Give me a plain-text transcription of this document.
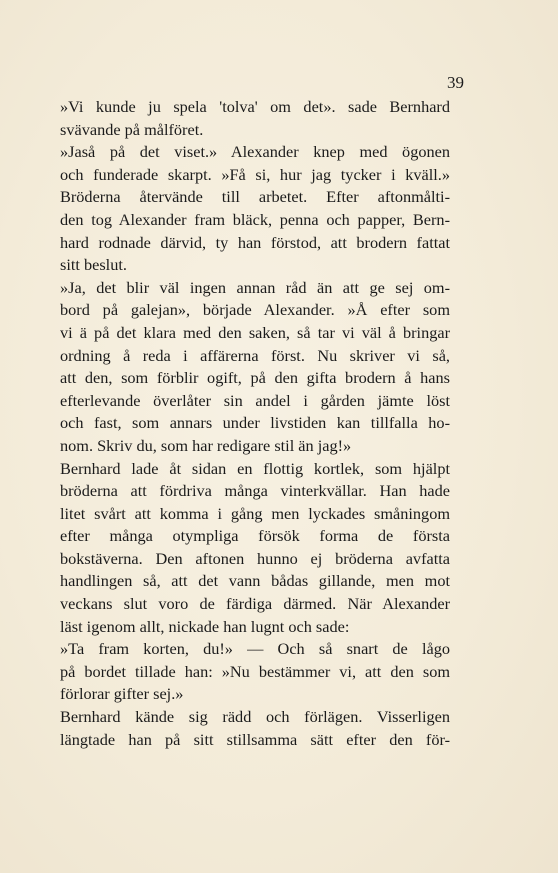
39
»Vi kunde ju spela 'tolva' om det». sade Bernhard
svävande på målföret.
»Jaså på det viset.» Alexander knep med ögonen
och funderade skarpt. »Få si, hur jag tycker i kväll.»
Bröderna återvände till arbetet. Efter aftonmålti-
den tog Alexander fram bläck, penna och papper, Bern-
hard rodnade därvid, ty han förstod, att brodern fattat
sitt beslut.
»Ja, det blir väl ingen annan råd än att ge sej om-
bord på galejan», började Alexander. »Å efter som
vi ä på det klara med den saken, så tar vi väl å bringar
ordning å reda i affärerna först. Nu skriver vi så,
att den, som förblir ogift, på den gifta brodern å hans
efterlevande överlåter sin andel i gården jämte löst
och fast, som annars under livstiden kan tillfalla ho-
nom. Skriv du, som har redigare stil än jag!»
Bernhard lade åt sidan en flottig kortlek, som hjälpt
bröderna att fördriva många vinterkvällar. Han hade
litet svårt att komma i gång men lyckades småningom
efter många otympliga försök forma de första
bokstäverna. Den aftonen hunno ej bröderna avfatta
handlingen så, att det vann bådas gillande, men mot
veckans slut voro de färdiga därmed. När Alexander
läst igenom allt, nickade han lugnt och sade:
»Ta fram korten, du!» — Och så snart de lågo
på bordet tillade han: »Nu bestämmer vi, att den som
förlorar gifter sej.»
Bernhard kände sig rädd och förlägen. Visserligen
längtade han på sitt stillsamma sätt efter den för-
